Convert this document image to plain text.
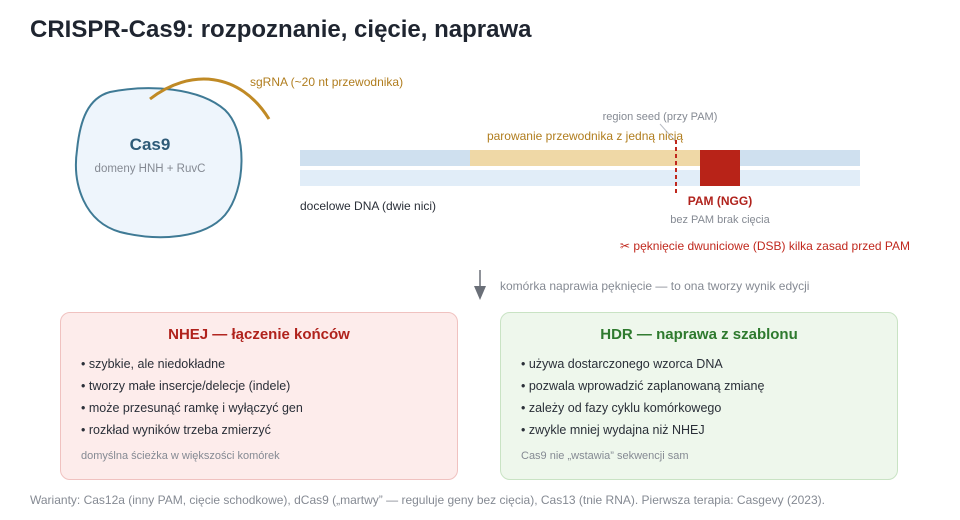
CRISPR-Cas9: rozpoznanie, cięcie, naprawa
Cas9
domeny HNH + RuvC
sgRNA (~20 nt przewodnika)
region seed (przy PAM)
parowanie przewodnika z jedną nicią
docelowe DNA (dwie nici)	PAM (NGG)
bez PAM brak cięcia
✂ pęknięcie dwuniciowe (DSB) kilka zasad przed PAM
komórka naprawia pęknięcie — to ona tworzy wynik edycji
NHEJ — łączenie końców
• szybkie, ale niedokładne
• tworzy małe insercje/delecje (indele)
• może przesunąć ramkę i wyłączyć gen
• rozkład wyników trzeba zmierzyć
domyślna ścieżka w większości komórek
HDR — naprawa z szablonu
• używa dostarczonego wzorca DNA
• pozwala wprowadzić zaplanowaną zmianę
• zależy od fazy cyklu komórkowego
• zwykle mniej wydajna niż NHEJ
Cas9 nie „wstawia” sekwencji sam
Warianty: Cas12a (inny PAM, cięcie schodkowe), dCas9 („martwy” — reguluje geny bez cięcia), Cas13 (tnie RNA). Pierwsza terapia: Casgevy (2023).
